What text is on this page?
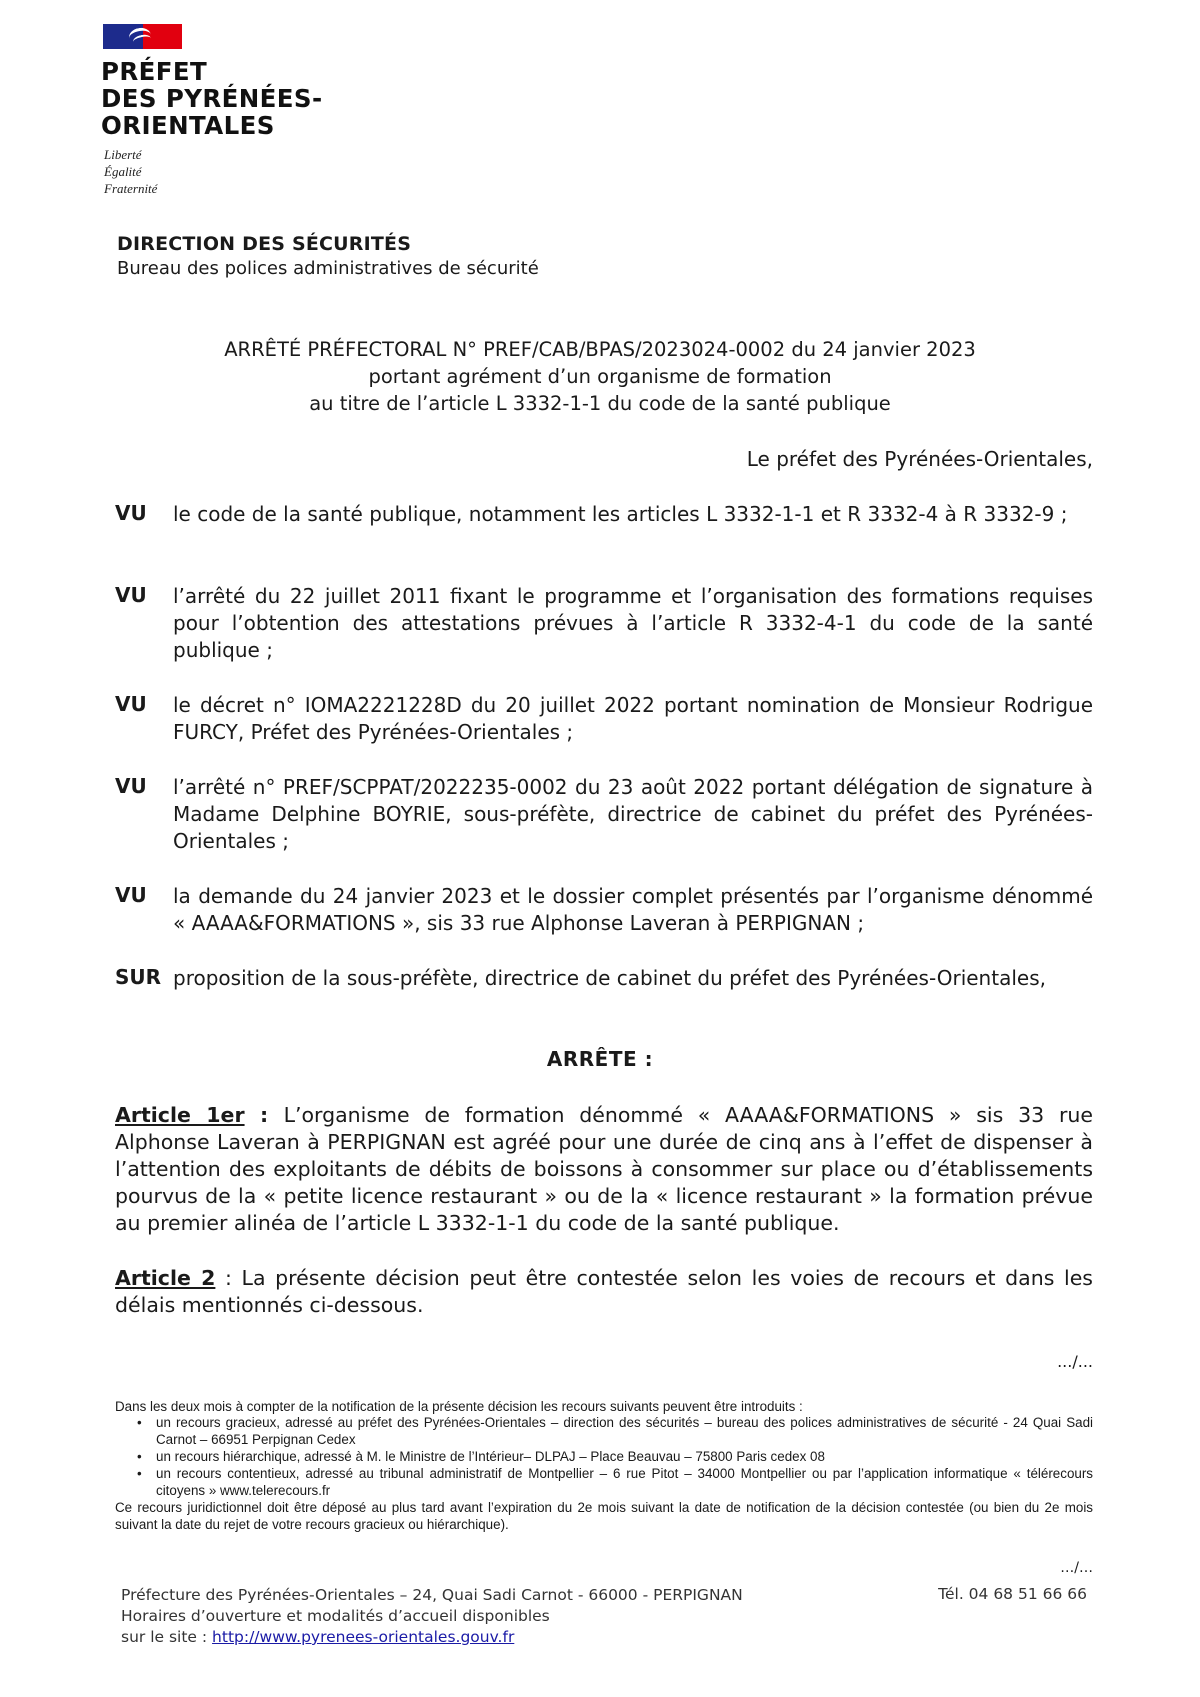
PRÉFET
DES PYRÉNÉES-
ORIENTALES
Liberté
Égalité
Fraternité
DIRECTION DES SÉCURITÉS
Bureau des polices administratives de sécurité
ARRÊTÉ PRÉFECTORAL N° PREF/CAB/BPAS/2023024-0002 du 24 janvier 2023
portant agrément d’un organisme de formation
au titre de l’article L 3332-1-1 du code de la santé publique
Le préfet des Pyrénées-Orientales,
VU le code de la santé publique, notamment les articles L 3332-1-1 et R 3332-4 à R 3332-9 ;
VU l’arrêté du 22 juillet 2011 fixant le programme et l’organisation des formations requises pour l’obtention des attestations prévues à l’article R 3332-4-1 du code de la santé publique ;
VU le décret n° IOMA2221228D du 20 juillet 2022 portant nomination de Monsieur Rodrigue FURCY, Préfet des Pyrénées-Orientales ;
VU l’arrêté n° PREF/SCPPAT/2022235-0002 du 23 août 2022 portant délégation de signature à Madame Delphine BOYRIE, sous-préfète, directrice de cabinet du préfet des Pyrénées-Orientales ;
VU la demande du 24 janvier 2023 et le dossier complet présentés par l’organisme dénommé « AAAA&FORMATIONS », sis 33 rue Alphonse Laveran à PERPIGNAN ;
SUR proposition de la sous-préfète, directrice de cabinet du préfet des Pyrénées-Orientales,
ARRÊTE :
Article 1er : L’organisme de formation dénommé « AAAA&FORMATIONS » sis 33 rue Alphonse Laveran à PERPIGNAN est agréé pour une durée de cinq ans à l’effet de dispenser à l’attention des exploitants de débits de boissons à consommer sur place ou d’établissements pourvus de la « petite licence restaurant » ou de la « licence restaurant » la formation prévue au premier alinéa de l’article L 3332-1-1 du code de la santé publique.
Article 2 : La présente décision peut être contestée selon les voies de recours et dans les délais mentionnés ci-dessous.
.../...
Dans les deux mois à compter de la notification de la présente décision les recours suivants peuvent être introduits :
• un recours gracieux, adressé au préfet des Pyrénées-Orientales – direction des sécurités – bureau des polices administratives de sécurité - 24 Quai Sadi Carnot – 66951 Perpignan Cedex
• un recours hiérarchique, adressé à M. le Ministre de l’Intérieur– DLPAJ – Place Beauvau – 75800 Paris cedex 08
• un recours contentieux, adressé au tribunal administratif de Montpellier – 6 rue Pitot – 34000 Montpellier ou par l’application informatique « télérecours citoyens » www.telerecours.fr
Ce recours juridictionnel doit être déposé au plus tard avant l’expiration du 2e mois suivant la date de notification de la décision contestée (ou bien du 2e mois suivant la date du rejet de votre recours gracieux ou hiérarchique).
…/…
Préfecture des Pyrénées-Orientales – 24, Quai Sadi Carnot - 66000 - PERPIGNAN
Horaires d’ouverture et modalités d’accueil disponibles
sur le site : http://www.pyrenees-orientales.gouv.fr
Tél. 04 68 51 66 66
